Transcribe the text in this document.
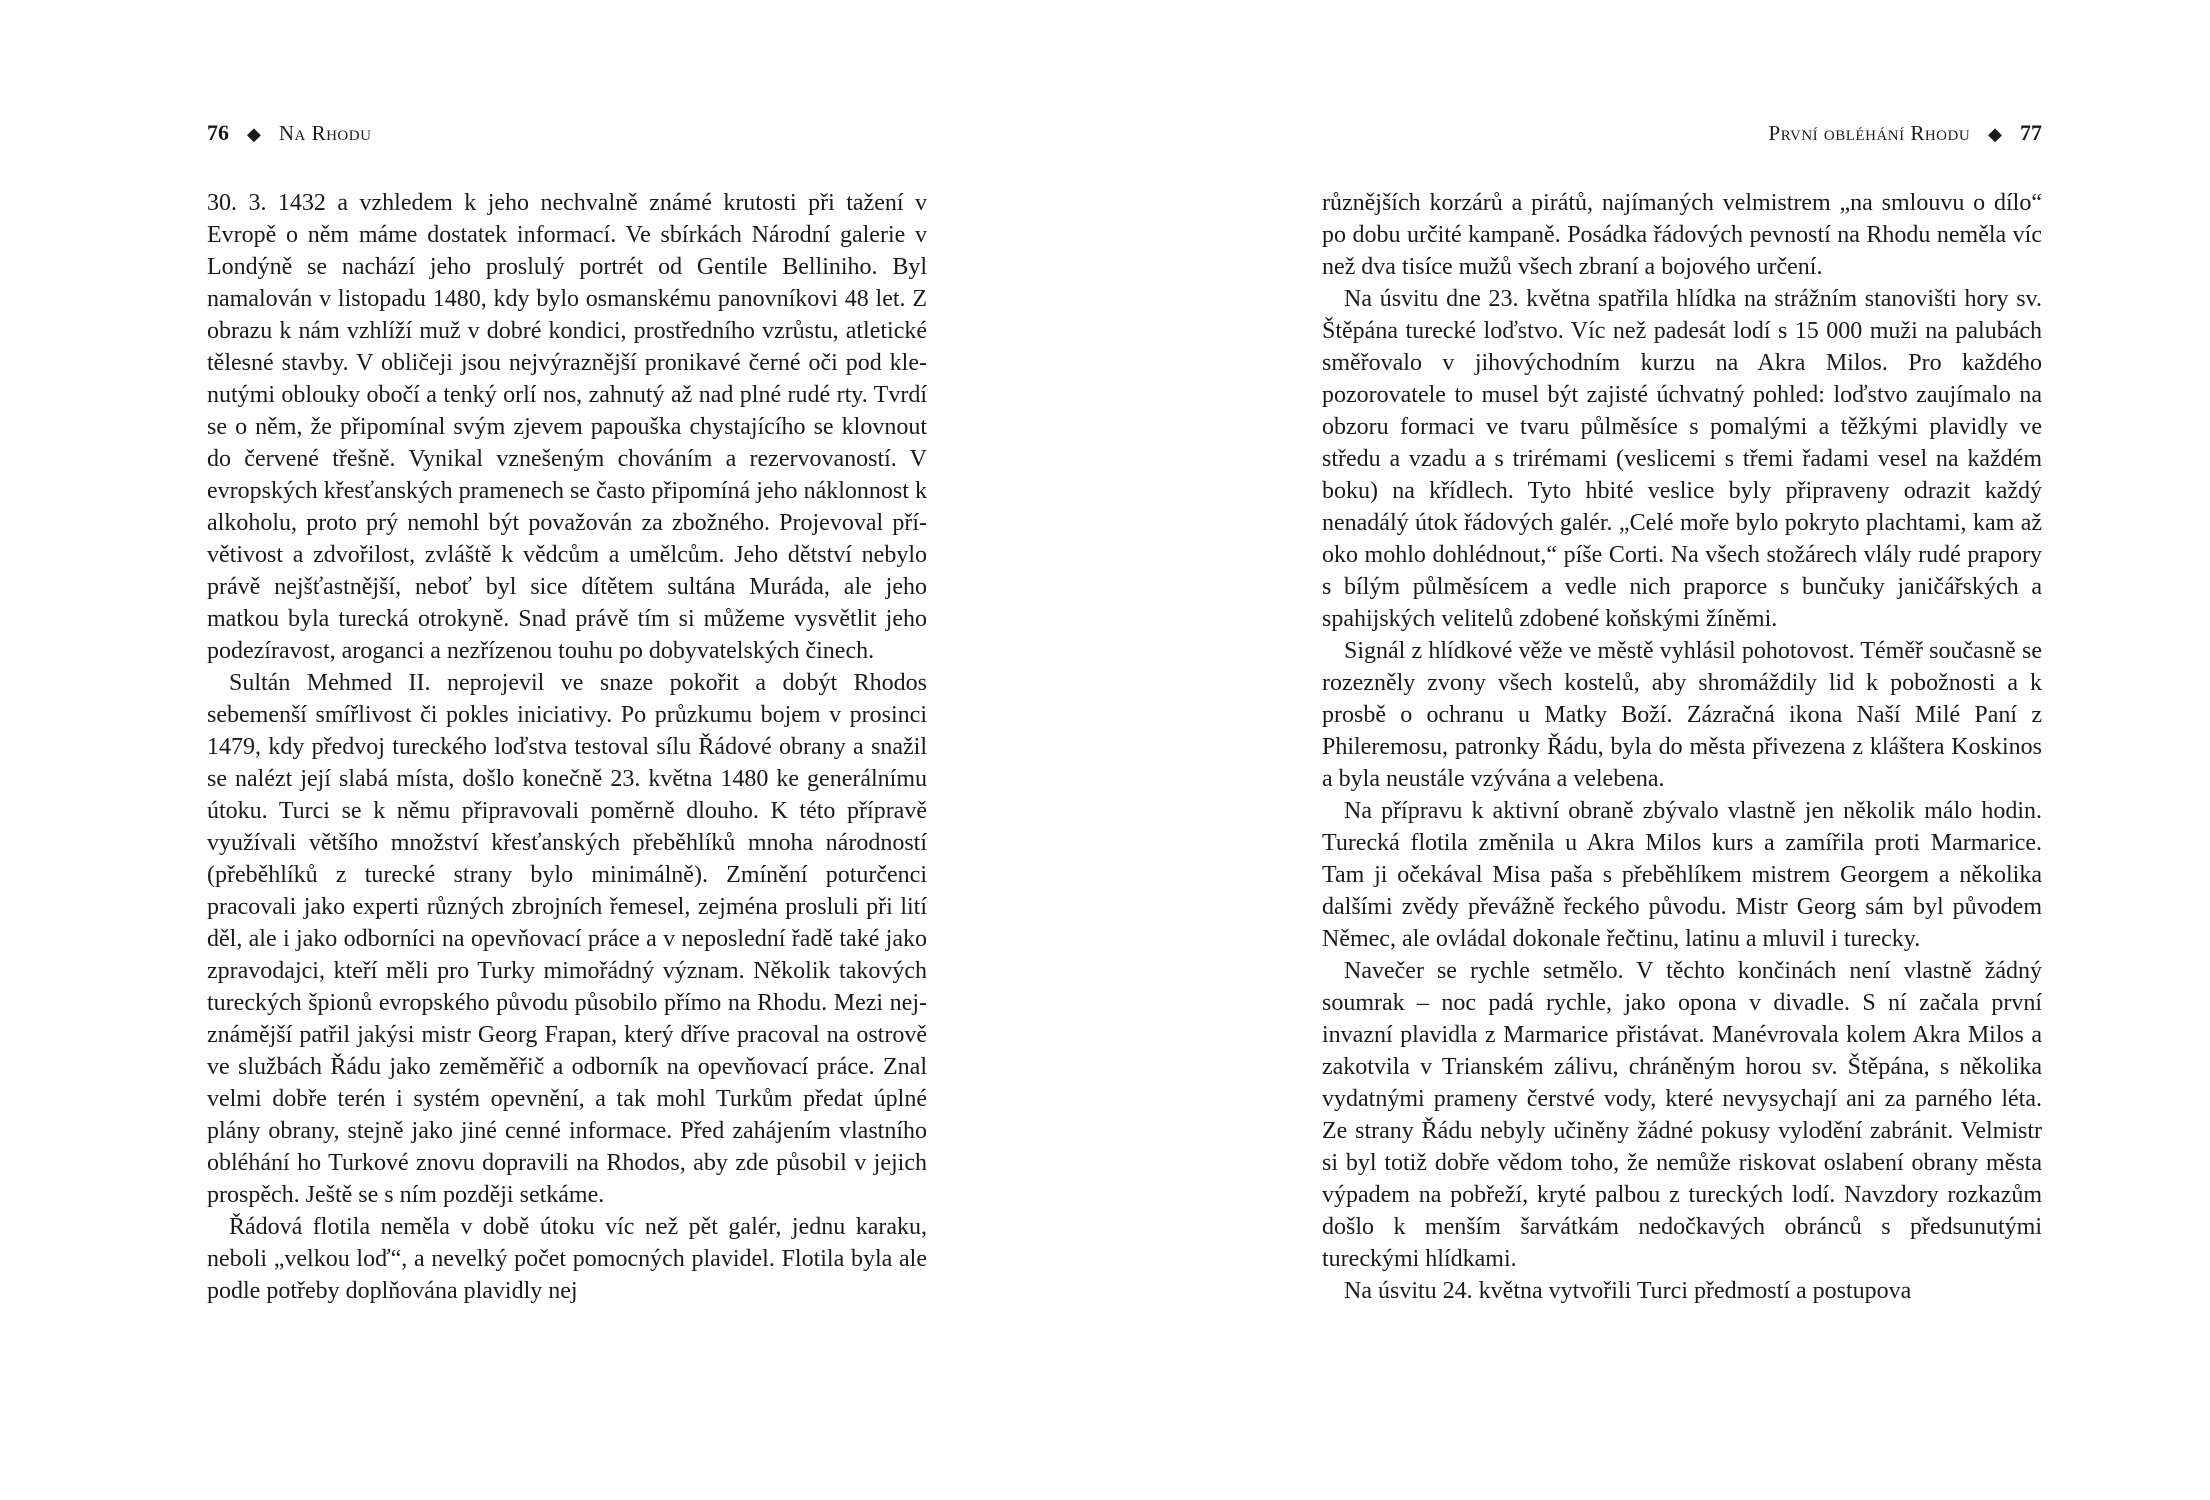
76 ◆ Na Rhodu

30. 3. 1432 a vzhledem k jeho nechvalně známé krutosti při tažení v Evropě o něm máme dostatek informací. Ve sbírkách Národní galerie v Londýně se nachází jeho proslulý portrét od Gentile Belliniho. Byl namalován v listopadu 1480, kdy bylo osmanskému panovníkovi 48 let. Z obrazu k nám vzhlíží muž v dobré kondici, prostředního vzrůstu, atletické tělesné stavby. V obličeji jsou nejvýraznější pronikavé černé oči pod klenutými oblouky obočí a tenký orlí nos, zahnutý až nad plné rudé rty. Tvrdí se o něm, že připomínal svým zjevem papouška chystajícího se klovnout do červené třešně. Vynikal vznešeným chováním a rezervovaností. V evropských křesťanských pramenech se často připomíná jeho náklonnost k alkoholu, proto prý nemohl být považován za zbožného. Projevoval přívětivost a zdvořilost, zvláště k vědcům a umělcům. Jeho dětství nebylo právě nejšťastnější, neboť byl sice dítětem sultána Muráda, ale jeho matkou byla turecká otrokyně. Snad právě tím si můžeme vysvětlit jeho podezíravost, aroganci a nezřízenou touhu po dobyvatelských činech.

Sultán Mehmed II. neprojevil ve snaze pokořit a dobýt Rhodos sebemenší smířlivost či pokles iniciativy. Po průzkumu bojem v prosinci 1479, kdy předvoj tureckého loďstva testoval sílu Řádové obrany a snažil se nalézt její slabá místa, došlo konečně 23. května 1480 ke generálnímu útoku. Turci se k němu připravovali poměrně dlouho. K této přípravě využívali většího množství křesťanských přeběhlíků mnoha národností (přeběhlíků z turecké strany bylo minimálně). Zmínění poturčenci pracovali jako experti různých zbrojních řemesel, zejména prosluli při lití děl, ale i jako odborníci na opevňovací práce a v neposlední řadě také jako zpravodajci, kteří měli pro Turky mimořádný význam. Několik takových tureckých špionů evropského původu působilo přímo na Rhodu. Mezi nejznámější patřil jakýsi mistr Georg Frapan, který dříve pracoval na ostrově ve službách Řádu jako zeměměřič a odborník na opevňovací práce. Znal velmi dobře terén i systém opevnění, a tak mohl Turkům předat úplné plány obrany, stejně jako jiné cenné informace. Před zahájením vlastního obléhání ho Turkové znovu dopravili na Rhodos, aby zde působil v jejich prospěch. Ještě se s ním později setkáme.

Řádová flotila neměla v době útoku víc než pět galér, jednu karaku, neboli „velkou loď“, a nevelký počet pomocných plavidel. Flotila byla ale podle potřeby doplňována plavidly nej

První obléhání Rhodu ◆ 77

různějších korzárů a pirátů, najímaných velmistrem „na smlouvu o dílo“ po dobu určité kampaně. Posádka řádových pevností na Rhodu neměla víc než dva tisíce mužů všech zbraní a bojového určení.

Na úsvitu dne 23. května spatřila hlídka na strážním stanovišti hory sv. Štěpána turecké loďstvo. Víc než padesát lodí s 15 000 muži na palubách směřovalo v jihovýchodním kurzu na Akra Milos. Pro každého pozorovatele to musel být zajisté úchvatný pohled: loďstvo zaujímalo na obzoru formaci ve tvaru půlměsíce s pomalými a těžkými plavidly ve středu a vzadu a s trirémami (veslicemi s třemi řadami vesel na každém boku) na křídlech. Tyto hbité veslice byly připraveny odrazit každý nenadálý útok řádových galér. „Celé moře bylo pokryto plachtami, kam až oko mohlo dohlédnout,“ píše Corti. Na všech stožárech vlály rudé prapory s bílým půlměsícem a vedle nich praporce s bunčuky janičářských a spahijských velitelů zdobené koňskými žíněmi.

Signál z hlídkové věže ve městě vyhlásil pohotovost. Téměř současně se rozezněly zvony všech kostelů, aby shromáždily lid k pobožnosti a k prosbě o ochranu u Matky Boží. Zázračná ikona Naší Milé Paní z Phileremosu, patronky Řádu, byla do města přivezena z kláštera Koskinos a byla neustále vzývána a velebena.

Na přípravu k aktivní obraně zbývalo vlastně jen několik málo hodin. Turecká flotila změnila u Akra Milos kurs a zamířila proti Marmarice. Tam ji očekával Misa paša s přeběhlíkem mistrem Georgem a několika dalšími zvědy převážně řeckého původu. Mistr Georg sám byl původem Němec, ale ovládal dokonale řečtinu, latinu a mluvil i turecky.

Navečer se rychle setmělo. V těchto končinách není vlastně žádný soumrak – noc padá rychle, jako opona v divadle. S ní začala první invazní plavidla z Marmarice přistávat. Manévrovala kolem Akra Milos a zakotvila v Trianském zálivu, chráněným horou sv. Štěpána, s několika vydatnými prameny čerstvé vody, které nevysychají ani za parného léta. Ze strany Řádu nebyly učiněny žádné pokusy vylodění zabránit. Velmistr si byl totiž dobře vědom toho, že nemůže riskovat oslabení obrany města výpadem na pobřeží, kryté palbou z tureckých lodí. Navzdory rozkazům došlo k menším šarvátkám nedočkavých obránců s předsunutými tureckými hlídkami.

Na úsvitu 24. května vytvořili Turci předmostí a postupova
